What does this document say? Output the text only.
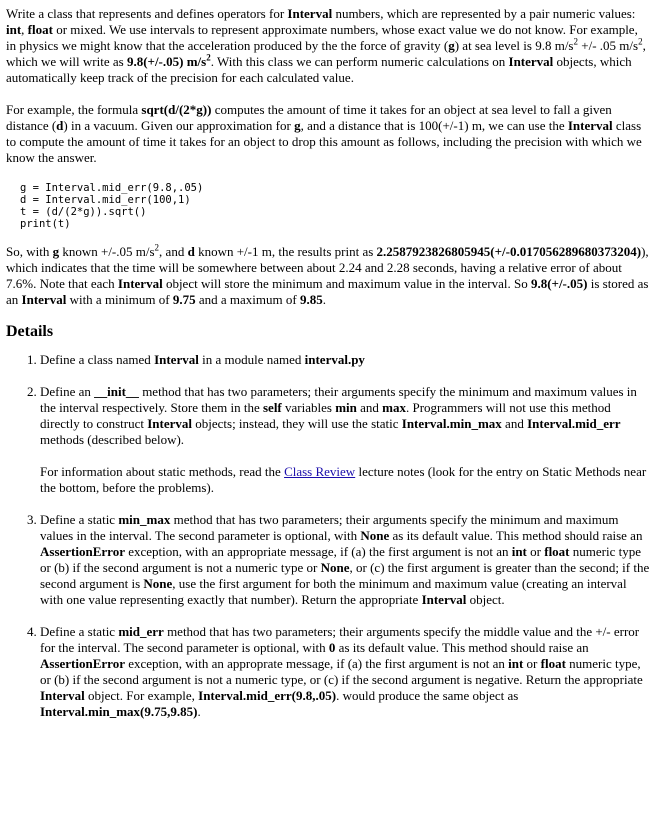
Write a class that represents and defines operators for Interval numbers, which are represented by a pair numeric values: int, float or mixed. We use intervals to represent approximate numbers, whose exact value we do not know. For example, in physics we might know that the acceleration produced by the the force of gravity (g) at sea level is 9.8 $m/s^2$ +/- .05 $m/s^2$, which we will write as 9.8(+/-.05) $m/s^2$. With this class we can perform numeric calculations on Interval objects, which automatically keep track of the precision for each calculated value.

For example, the formula sqrt(d/(2*g)) computes the amount of time it takes for an object at sea level to fall a given distance (d) in a vacuum. Given our approximation for g, and a distance that is 100(+/-1) m, we can use the Interval class to compute the amount of time it takes for an object to drop this amount as follows, including the precision with which we know the answer.

g = Interval.mid_err(9.8,.05)
d = Interval.mid_err(100,1)
t = (d/(2*g)).sqrt()
print(t)

So, with g known +/-.05 $m/s^2$, and d known +/-1 m, the results print as 2.2587923826805945(+/-0.017056289680373204)), which indicates that the time will be somewhere between about 2.24 and 2.28 seconds, having a relative error of about 7.6%. Note that each Interval object will store the minimum and maximum value in the interval. So 9.8(+/-.05) is stored as an Interval with a minimum of 9.75 and a maximum of 9.85.

Details
1. Define a class named Interval in a module named interval.py
2. Define an __init__ method that has two parameters; their arguments specify the minimum and maximum values in the interval respectively. Store them in the self variables min and max. Programmers will not use this method directly to construct Interval objects; instead, they will use the static Interval.min_max and Interval.mid_err methods (described below).

For information about static methods, read the Class Review lecture notes (look for the entry on Static Methods near the bottom, before the problems).

3. Define a static min_max method that has two parameters; their arguments specify the minimum and maximum values in the interval. The second parameter is optional, with None as its default value. This method should raise an AssertionError exception, with an appropriate message, if (a) the first argument is not an int or float numeric type or (b) if the second argument is not a numeric type or None, or (c) the first argument is greater than the second; if the second argument is None, use the first argument for both the minimum and maximum value (creating an interval with one value representing exactly that number). Return the appropriate Interval object.
4. Define a static mid_err method that has two parameters; their arguments specify the middle value and the +/- error for the interval. The second parameter is optional, with 0 as its default value. This method should raise an AssertionError exception, with an approprate message, if (a) the first argument is not an int or float numeric type, or (b) if the second argument is not a numeric type, or (c) if the second argument is negative. Return the appropriate Interval object. For example, Interval.mid_err(9.8,.05). would produce the same object as Interval.min_max(9.75,9.85).
